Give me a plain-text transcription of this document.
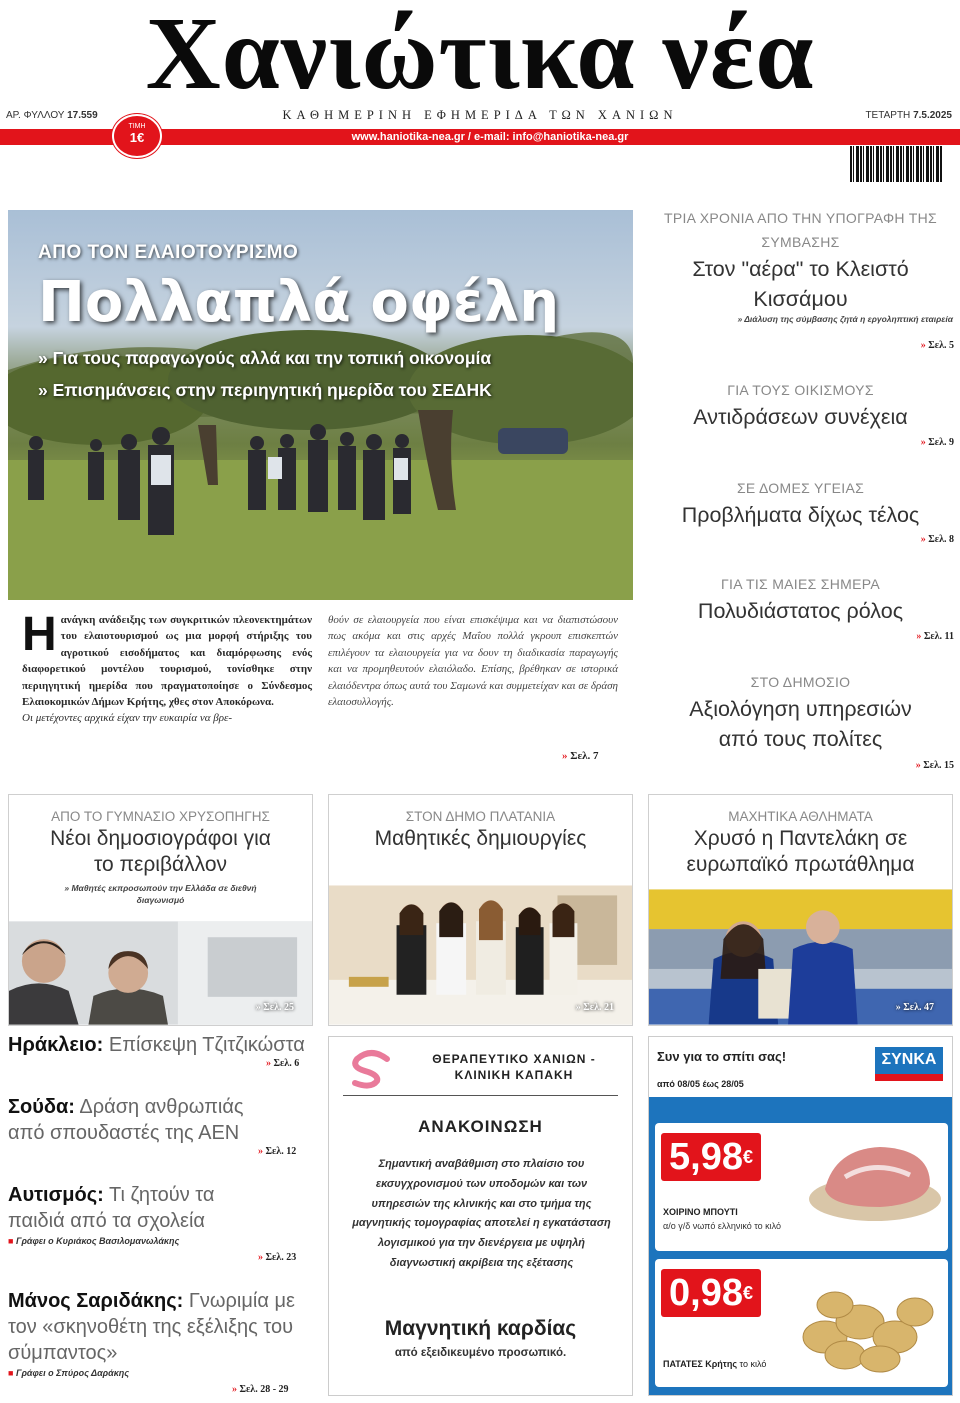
Χανιώτικα νέα
ΑΡ. ΦΥΛΛΟΥ 17.559	ΚΑΘΗΜΕΡΙΝΗ ΕΦΗΜΕΡΙΔΑ ΤΩΝ ΧΑΝΙΩΝ	ΤΕΤΑΡΤΗ 7.5.2025
www.haniotika-nea.gr / e-mail: info@haniotika-nea.gr
ΤΙΜΗ
1€
ΑΠΟ ΤΟΝ ΕΛΑΙΟΤΟΥΡΙΣΜΟ
Πολλαπλά οφέλη
» Για τους παραγωγούς αλλά και την τοπική οικονομία
» Επισημάνσεις στην περιηγητική ημερίδα του ΣΕΔΗΚ
Η ανάγκη ανάδειξης των συγκριτικών πλεονεκτημάτων του ελαιοτουρισμού ως μια μορφή στήριξης του αγροτικού εισοδήματος και διαμόρφωσης ενός διαφορετικού μοντέλου τουρισμού, τονίσθηκε στην περιηγητική ημερίδα που πραγματοποίησε ο Σύνδεσμος Ελαιοκομικών Δήμων Κρήτης, χθες στον Αποκόρωνα.
Οι μετέχοντες αρχικά είχαν την ευκαιρία να βρε-
θούν σε ελαιουργεία που είναι επισκέψιμα και να διαπιστώσουν πως ακόμα και στις αρχές Μαΐου πολλά γκρουπ επισκεπτών επιλέγουν τα ελαιουργεία για να δουν τη διαδικασία παραγωγής και να προμηθευτούν ελαιόλαδο. Επίσης, βρέθηκαν σε ιστορικά ελαιόδεντρα όπως αυτά του Σαμωνά και συμμετείχαν και σε δράση ελαιοσυλλογής.
» Σελ. 7
ΤΡΙΑ ΧΡΟΝΙΑ ΑΠΟ ΤΗΝ ΥΠΟΓΡΑΦΗ ΤΗΣ ΣΥΜΒΑΣΗΣ
Στον "αέρα" το Κλειστό Κισσάμου
» Διάλυση της σύμβασης ζητά η εργοληπτική εταιρεία
» Σελ. 5
ΓΙΑ ΤΟΥΣ ΟΙΚΙΣΜΟΥΣ
Αντιδράσεων συνέχεια
» Σελ. 9
ΣΕ ΔΟΜΕΣ ΥΓΕΙΑΣ
Προβλήματα δίχως τέλος
» Σελ. 8
ΓΙΑ ΤΙΣ ΜΑΙΕΣ ΣΗΜΕΡΑ
Πολυδιάστατος ρόλος
» Σελ. 11
ΣΤΟ ΔΗΜΟΣΙΟ
Αξιολόγηση υπηρεσιών από τους πολίτες
» Σελ. 15
ΑΠΟ ΤΟ ΓΥΜΝΑΣΙΟ ΧΡΥΣΟΠΗΓΗΣ
Νέοι δημοσιογράφοι για το περιβάλλον
» Μαθητές εκπροσωπούν την Ελλάδα σε διεθνή διαγωνισμό
» Σελ. 25
ΣΤΟΝ ΔΗΜΟ ΠΛΑΤΑΝΙΑ
Μαθητικές δημιουργίες
» Σελ. 21
ΜΑΧΗΤΙΚΑ ΑΘΛΗΜΑΤΑ
Χρυσό η Παντελάκη σε ευρωπαϊκό πρωτάθλημα
» Σελ. 47
Ηράκλειο: Επίσκεψη Τζιτζικώστα
» Σελ. 6
Σούδα: Δράση ανθρωπιάς από σπουδαστές της ΑΕΝ
» Σελ. 12
Αυτισμός: Τι ζητούν τα παιδιά από τα σχολεία
■ Γράφει ο Κυριάκος Βασιλομανωλάκης
» Σελ. 23
Μάνος Σαριδάκης: Γνωριμία με τον «σκηνοθέτη της εξέλιξης του σύμπαντος»
■ Γράφει ο Σπύρος Δαράκης
» Σελ. 28 - 29
ΘΕΡΑΠΕΥΤΙΚΟ ΧΑΝΙΩΝ - ΚΛΙΝΙΚΗ ΚΑΠΑΚΗ
ΑΝΑΚΟΙΝΩΣΗ
Σημαντική αναβάθμιση στο πλαίσιο του εκσυγχρονισμού των υποδομών και των υπηρεσιών της κλινικής και στο τμήμα της μαγνητικής τομογραφίας αποτελεί η εγκατάσταση λογισμικού για την διενέργεια με υψηλή διαγνωστική ακρίβεια της εξέτασης
Μαγνητική καρδίας
από εξειδικευμένο προσωπικό.
Συν για το σπίτι σας!
από 08/05 έως 28/05
ΣΥΝΚΑ
5,98€
ΧΟΙΡΙΝΟ ΜΠΟΥΤΙ
α/ο γ/δ νωπό ελληνικό το κιλό
0,98€
ΠΑΤΑΤΕΣ Κρήτης το κιλό
